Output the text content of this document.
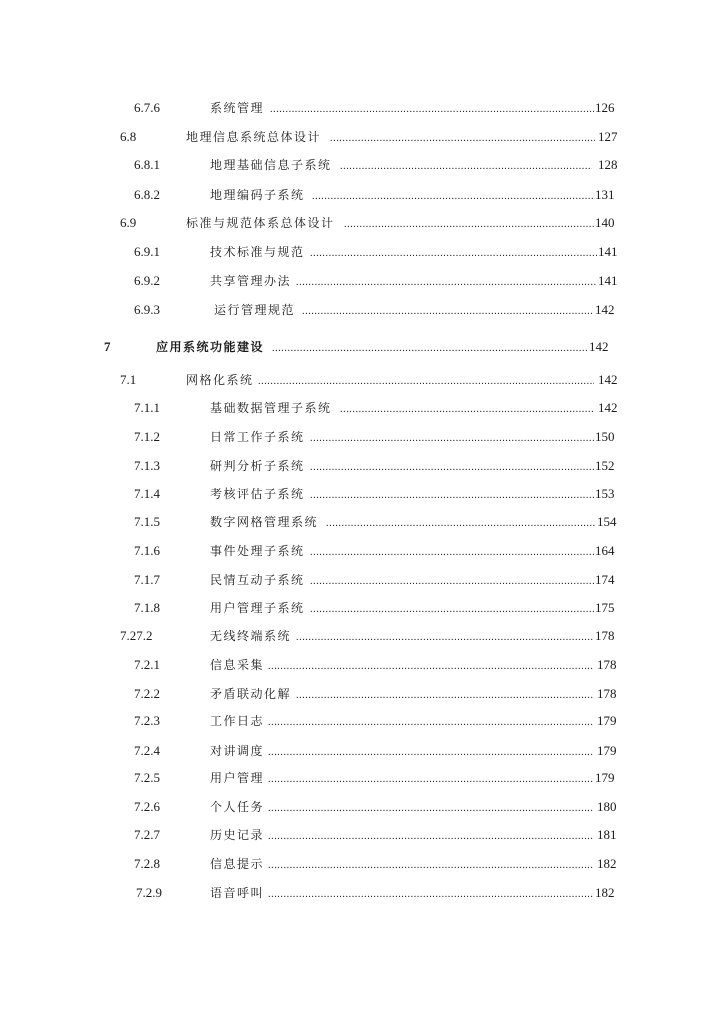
6.7.6	系统管理 .....	126
6.8	地理信息系统总体设计 .....	127
6.8.1	地理基础信息子系统 .....	128
6.8.2	地理编码子系统 .....	131
6.9	标准与规范体系总体设计 .....	140
6.9.1	技术标准与规范 .....	141
6.9.2	共享管理办法 .....	141
6.9.3	运行管理规范 .....	142
7	应用系统功能建设 .....	142
7.1	网格化系统 .....	142
7.1.1	基础数据管理子系统 .....	142
7.1.2	日常工作子系统 .....	150
7.1.3	研判分析子系统 .....	152
7.1.4	考核评估子系统 .....	153
7.1.5	数字网格管理系统 .....	154
7.1.6	事件处理子系统 .....	164
7.1.7	民情互动子系统 .....	174
7.1.8	用户管理子系统 .....	175
7.27.2	无线终端系统 .....	178
7.2.1	信息采集 .....	178
7.2.2	矛盾联动化解 .....	178
7.2.3	工作日志 .....	179
7.2.4	对讲调度 .....	179
7.2.5	用户管理 .....	179
7.2.6	个人任务 .....	180
7.2.7	历史记录 .....	181
7.2.8	信息提示 .....	182
7.2.9	语音呼叫 .....	182
